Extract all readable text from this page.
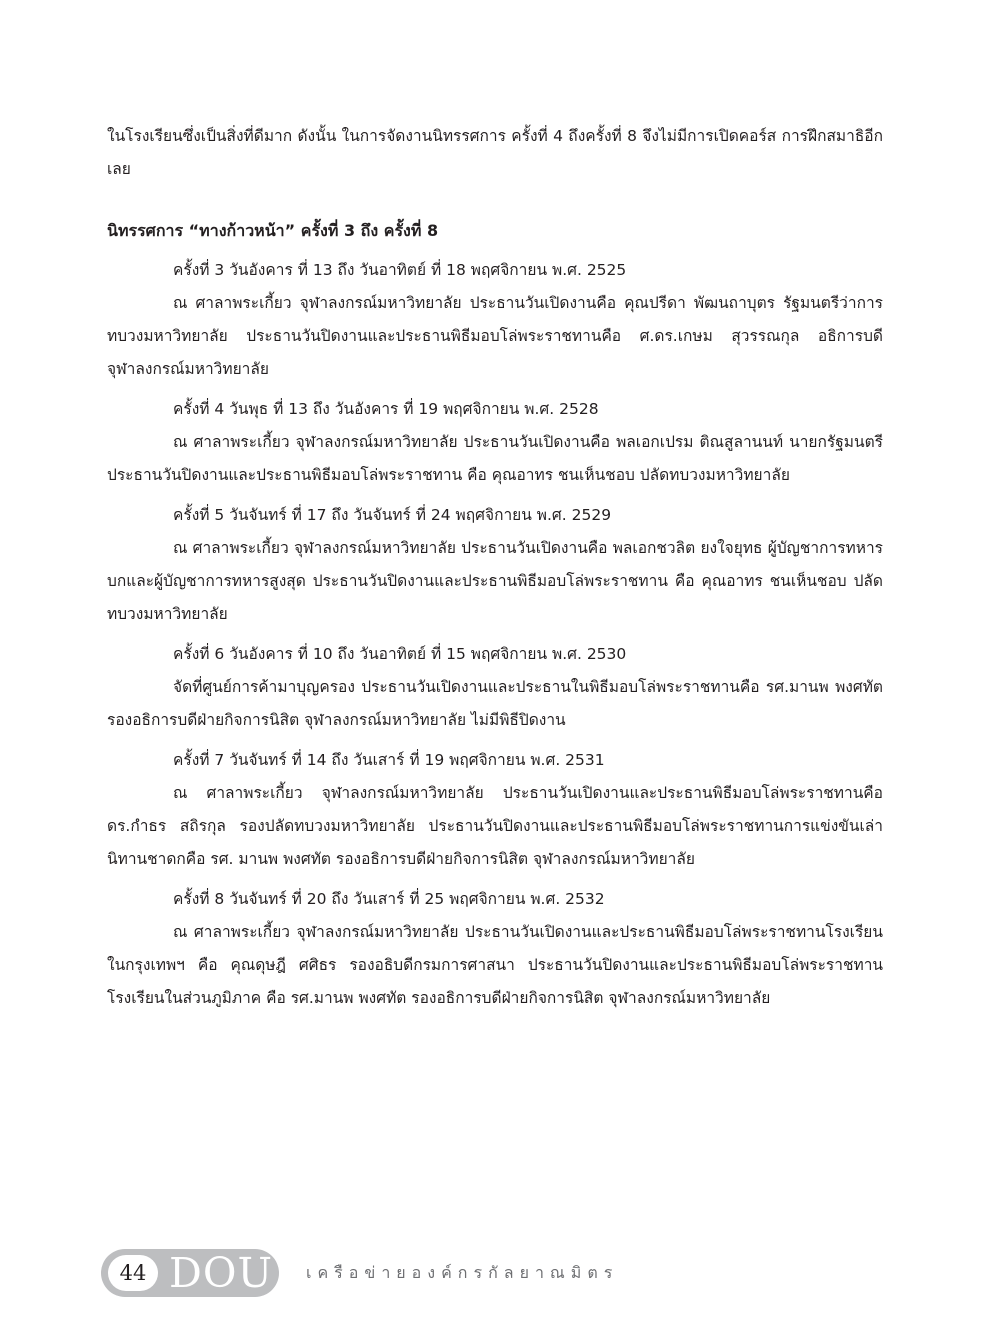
ในโรงเรียนซึ่งเป็นสิ่งที่ดีมาก ดังนั้น ในการจัดงานนิทรรศการ ครั้งที่ 4 ถึงครั้งที่ 8 จึงไม่มีการเปิดคอร์ส การฝึกสมาธิอีกเลย

นิทรรศการ “ทางก้าวหน้า” ครั้งที่ 3 ถึง ครั้งที่ 8

ครั้งที่ 3 วันอังคาร ที่ 13 ถึง วันอาทิตย์ ที่ 18 พฤศจิกายน พ.ศ. 2525

ณ ศาลาพระเกี้ยว จุฬาลงกรณ์มหาวิทยาลัย ประธานวันเปิดงานคือ คุณปรีดา พัฒนถาบุตร รัฐมนตรีว่าการทบวงมหาวิทยาลัย ประธานวันปิดงานและประธานพิธีมอบโล่พระราชทานคือ ศ.ดร.เกษม สุวรรณกุล อธิการบดีจุฬาลงกรณ์มหาวิทยาลัย

ครั้งที่ 4 วันพุธ ที่ 13 ถึง วันอังคาร ที่ 19 พฤศจิกายน พ.ศ. 2528

ณ ศาลาพระเกี้ยว จุฬาลงกรณ์มหาวิทยาลัย ประธานวันเปิดงานคือ พลเอกเปรม ติณสูลานนท์ นายกรัฐมนตรี ประธานวันปิดงานและประธานพิธีมอบโล่พระราชทาน คือ คุณอาทร ชนเห็นชอบ ปลัดทบวงมหาวิทยาลัย

ครั้งที่ 5 วันจันทร์ ที่ 17 ถึง วันจันทร์ ที่ 24 พฤศจิกายน พ.ศ. 2529

ณ ศาลาพระเกี้ยว จุฬาลงกรณ์มหาวิทยาลัย ประธานวันเปิดงานคือ พลเอกชวลิต ยงใจยุทธ ผู้บัญชาการทหารบกและผู้บัญชาการทหารสูงสุด ประธานวันปิดงานและประธานพิธีมอบโล่พระราชทาน คือ คุณอาทร ชนเห็นชอบ ปลัดทบวงมหาวิทยาลัย

ครั้งที่ 6 วันอังคาร ที่ 10 ถึง วันอาทิตย์ ที่ 15 พฤศจิกายน พ.ศ. 2530

จัดที่ศูนย์การค้ามาบุญครอง ประธานวันเปิดงานและประธานในพิธีมอบโล่พระราชทานคือ รศ.มานพ พงศทัต รองอธิการบดีฝ่ายกิจการนิสิต จุฬาลงกรณ์มหาวิทยาลัย ไม่มีพิธีปิดงาน

ครั้งที่ 7 วันจันทร์ ที่ 14 ถึง วันเสาร์ ที่ 19 พฤศจิกายน พ.ศ. 2531

ณ ศาลาพระเกี้ยว จุฬาลงกรณ์มหาวิทยาลัย ประธานวันเปิดงานและประธานพิธีมอบโล่พระราชทานคือ ดร.กำธร สถิรกุล รองปลัดทบวงมหาวิทยาลัย ประธานวันปิดงานและประธานพิธีมอบโล่พระราชทานการแข่งขันเล่านิทานชาดกคือ รศ. มานพ พงศทัต รองอธิการบดีฝ่ายกิจการนิสิต จุฬาลงกรณ์มหาวิทยาลัย

ครั้งที่ 8 วันจันทร์ ที่ 20 ถึง วันเสาร์ ที่ 25 พฤศจิกายน พ.ศ. 2532

ณ ศาลาพระเกี้ยว จุฬาลงกรณ์มหาวิทยาลัย ประธานวันเปิดงานและประธานพิธีมอบโล่พระราชทานโรงเรียนในกรุงเทพฯ คือ คุณดุษฎี ศศิธร รองอธิบดีกรมการศาสนา ประธานวันปิดงานและประธานพิธีมอบโล่พระราชทาน โรงเรียนในส่วนภูมิภาค คือ รศ.มานพ พงศทัต รองอธิการบดีฝ่ายกิจการนิสิต จุฬาลงกรณ์มหาวิทยาลัย

44 DOU เครือข่ายองค์กรกัลยาณมิตร
